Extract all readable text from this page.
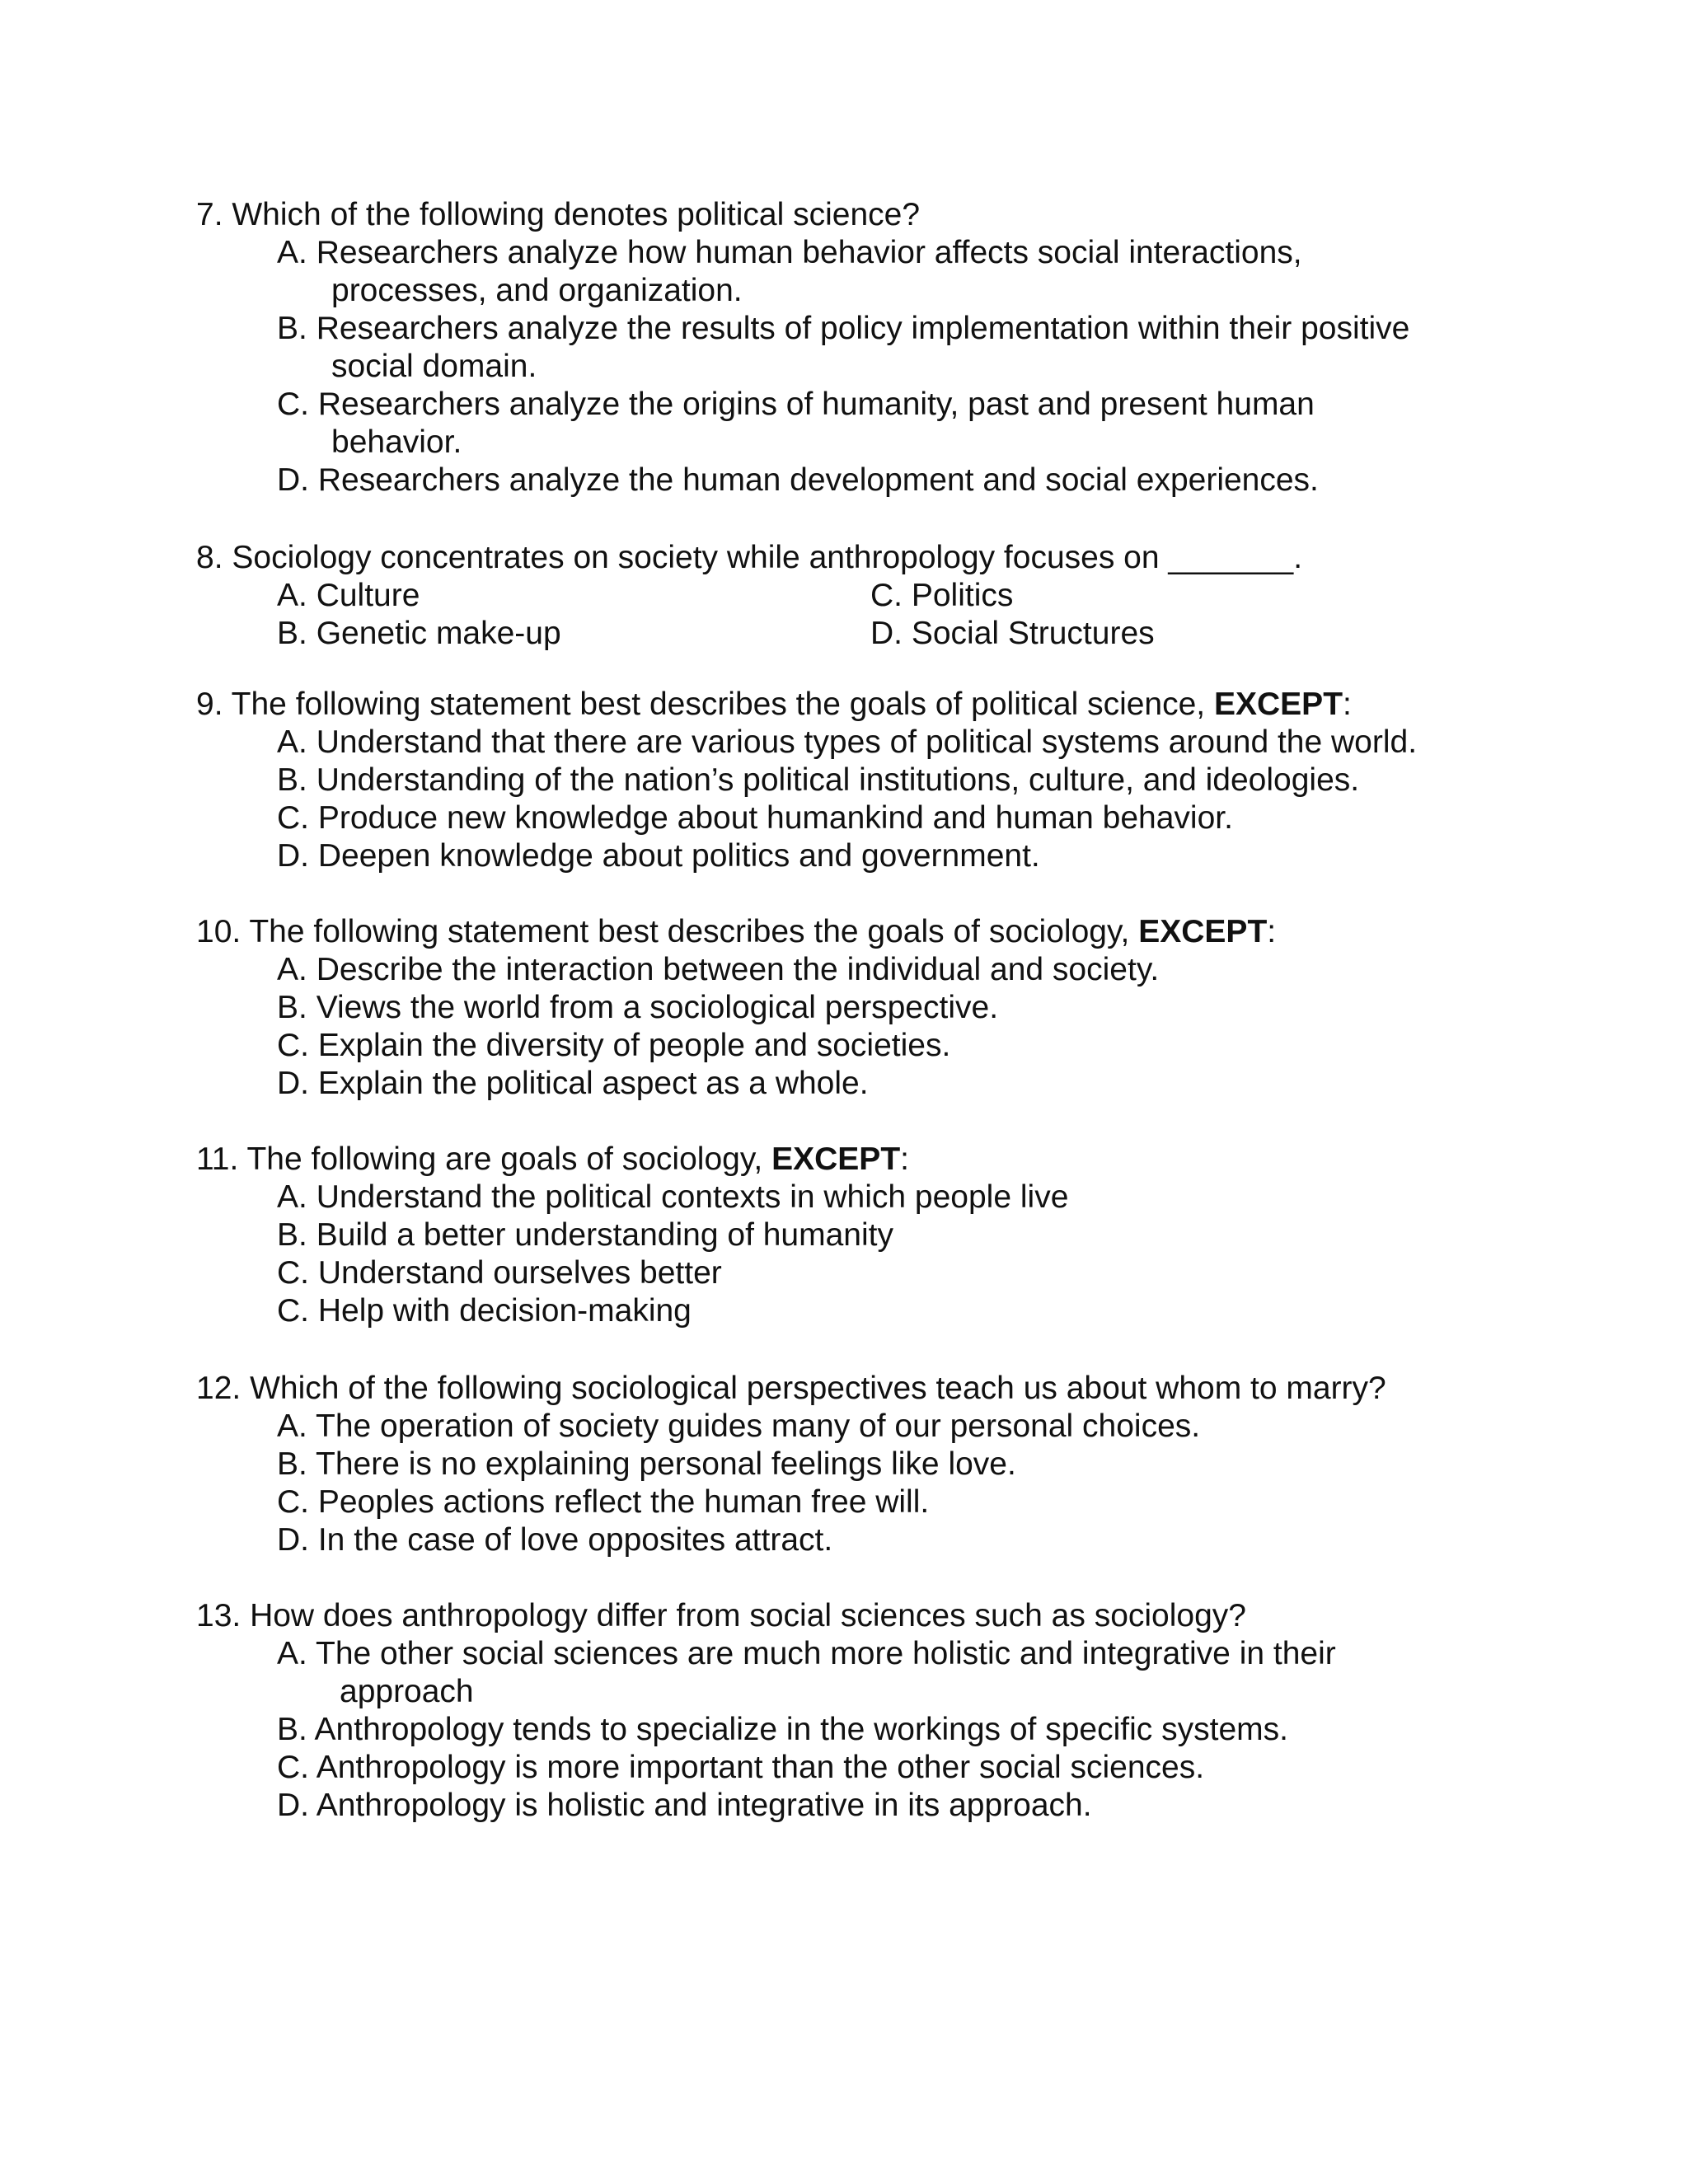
7. Which of the following denotes political science?
A. Researchers analyze how human behavior affects social interactions,
processes, and organization.
B. Researchers analyze the results of policy implementation within their positive
social domain.
C. Researchers analyze the origins of humanity, past and present human
behavior.
D. Researchers analyze the human development and social experiences.
8. Sociology concentrates on society while anthropology focuses on _______.
A. Culture	C. Politics
B. Genetic make-up	D. Social Structures
9. The following statement best describes the goals of political science, EXCEPT:
A. Understand that there are various types of political systems around the world.
B. Understanding of the nation’s political institutions, culture, and ideologies.
C. Produce new knowledge about humankind and human behavior.
D. Deepen knowledge about politics and government.
10. The following statement best describes the goals of sociology, EXCEPT:
A. Describe the interaction between the individual and society.
B. Views the world from a sociological perspective.
C. Explain the diversity of people and societies.
D. Explain the political aspect as a whole.
11. The following are goals of sociology, EXCEPT:
A. Understand the political contexts in which people live
B. Build a better understanding of humanity
C. Understand ourselves better
C. Help with decision-making
12. Which of the following sociological perspectives teach us about whom to marry?
A. The operation of society guides many of our personal choices.
B. There is no explaining personal feelings like love.
C. Peoples actions reflect the human free will.
D. In the case of love opposites attract.
13. How does anthropology differ from social sciences such as sociology?
A. The other social sciences are much more holistic and integrative in their
approach
B. Anthropology tends to specialize in the workings of specific systems.
C. Anthropology is more important than the other social sciences.
D. Anthropology is holistic and integrative in its approach.
